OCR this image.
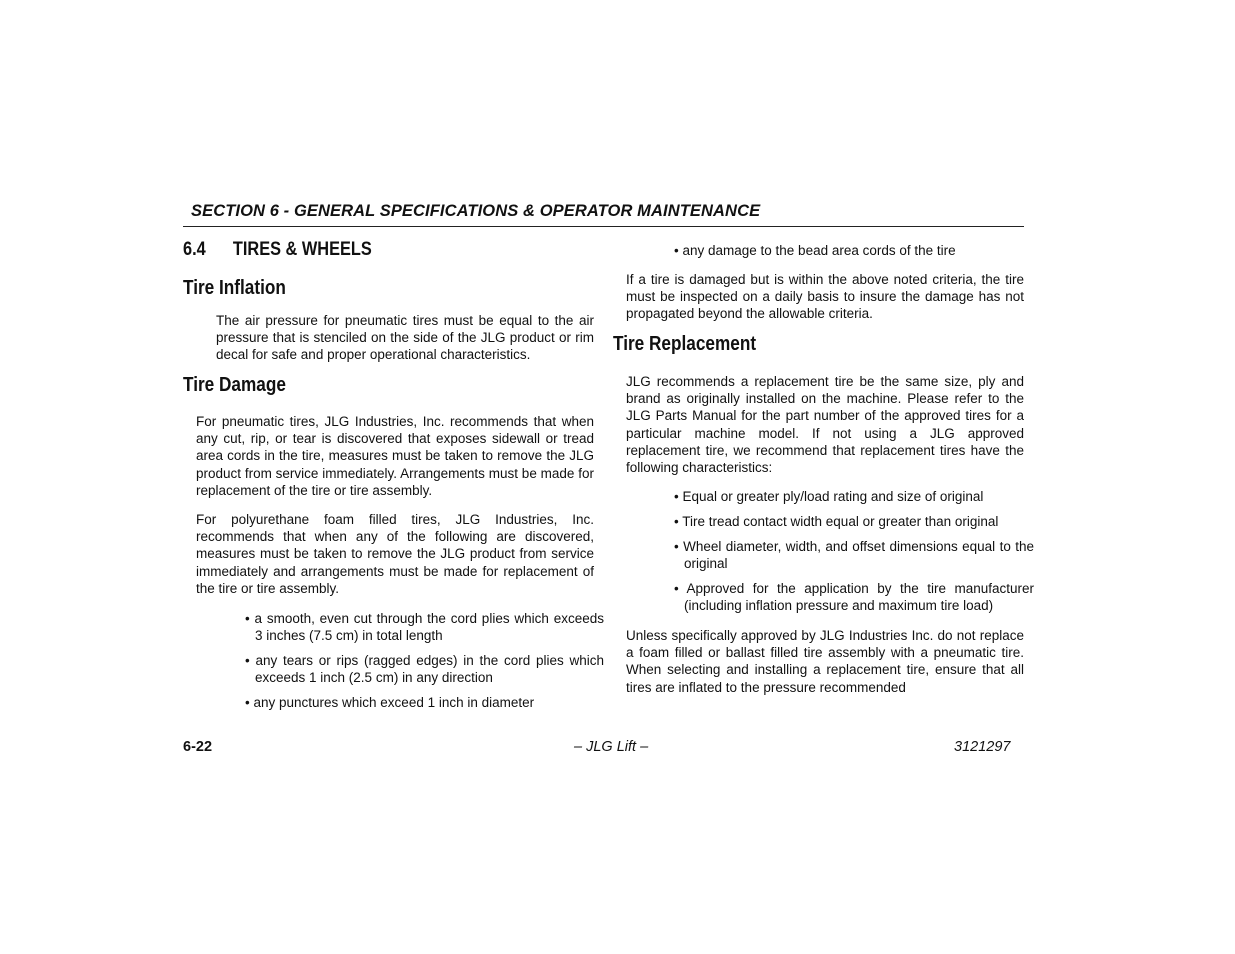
SECTION 6 - GENERAL SPECIFICATIONS & OPERATOR MAINTENANCE
6.4 TIRES & WHEELS
Tire Inflation

The air pressure for pneumatic tires must be equal to the air pressure that is stenciled on the side of the JLG product or rim decal for safe and proper operational characteristics.

Tire Damage

For pneumatic tires, JLG Industries, Inc. recommends that when any cut, rip, or tear is discovered that exposes sidewall or tread area cords in the tire, measures must be taken to remove the JLG product from service immediately. Arrangements must be made for replacement of the tire or tire assembly.

For polyurethane foam filled tires, JLG Industries, Inc. recommends that when any of the following are discovered, measures must be taken to remove the JLG product from service immediately and arrangements must be made for replacement of the tire or tire assembly.

• a smooth, even cut through the cord plies which exceeds 3 inches (7.5 cm) in total length

• any tears or rips (ragged edges) in the cord plies which exceeds 1 inch (2.5 cm) in any direction

• any punctures which exceed 1 inch in diameter

• any damage to the bead area cords of the tire

If a tire is damaged but is within the above noted criteria, the tire must be inspected on a daily basis to insure the damage has not propagated beyond the allowable criteria.

Tire Replacement

JLG recommends a replacement tire be the same size, ply and brand as originally installed on the machine. Please refer to the JLG Parts Manual for the part number of the approved tires for a particular machine model. If not using a JLG approved replacement tire, we recommend that replacement tires have the following characteristics:

• Equal or greater ply/load rating and size of original

• Tire tread contact width equal or greater than original

• Wheel diameter, width, and offset dimensions equal to the original

• Approved for the application by the tire manufacturer (including inflation pressure and maximum tire load)

Unless specifically approved by JLG Industries Inc. do not replace a foam filled or ballast filled tire assembly with a pneumatic tire. When selecting and installing a replacement tire, ensure that all tires are inflated to the pressure recommended

6-22	– JLG Lift –	3121297
